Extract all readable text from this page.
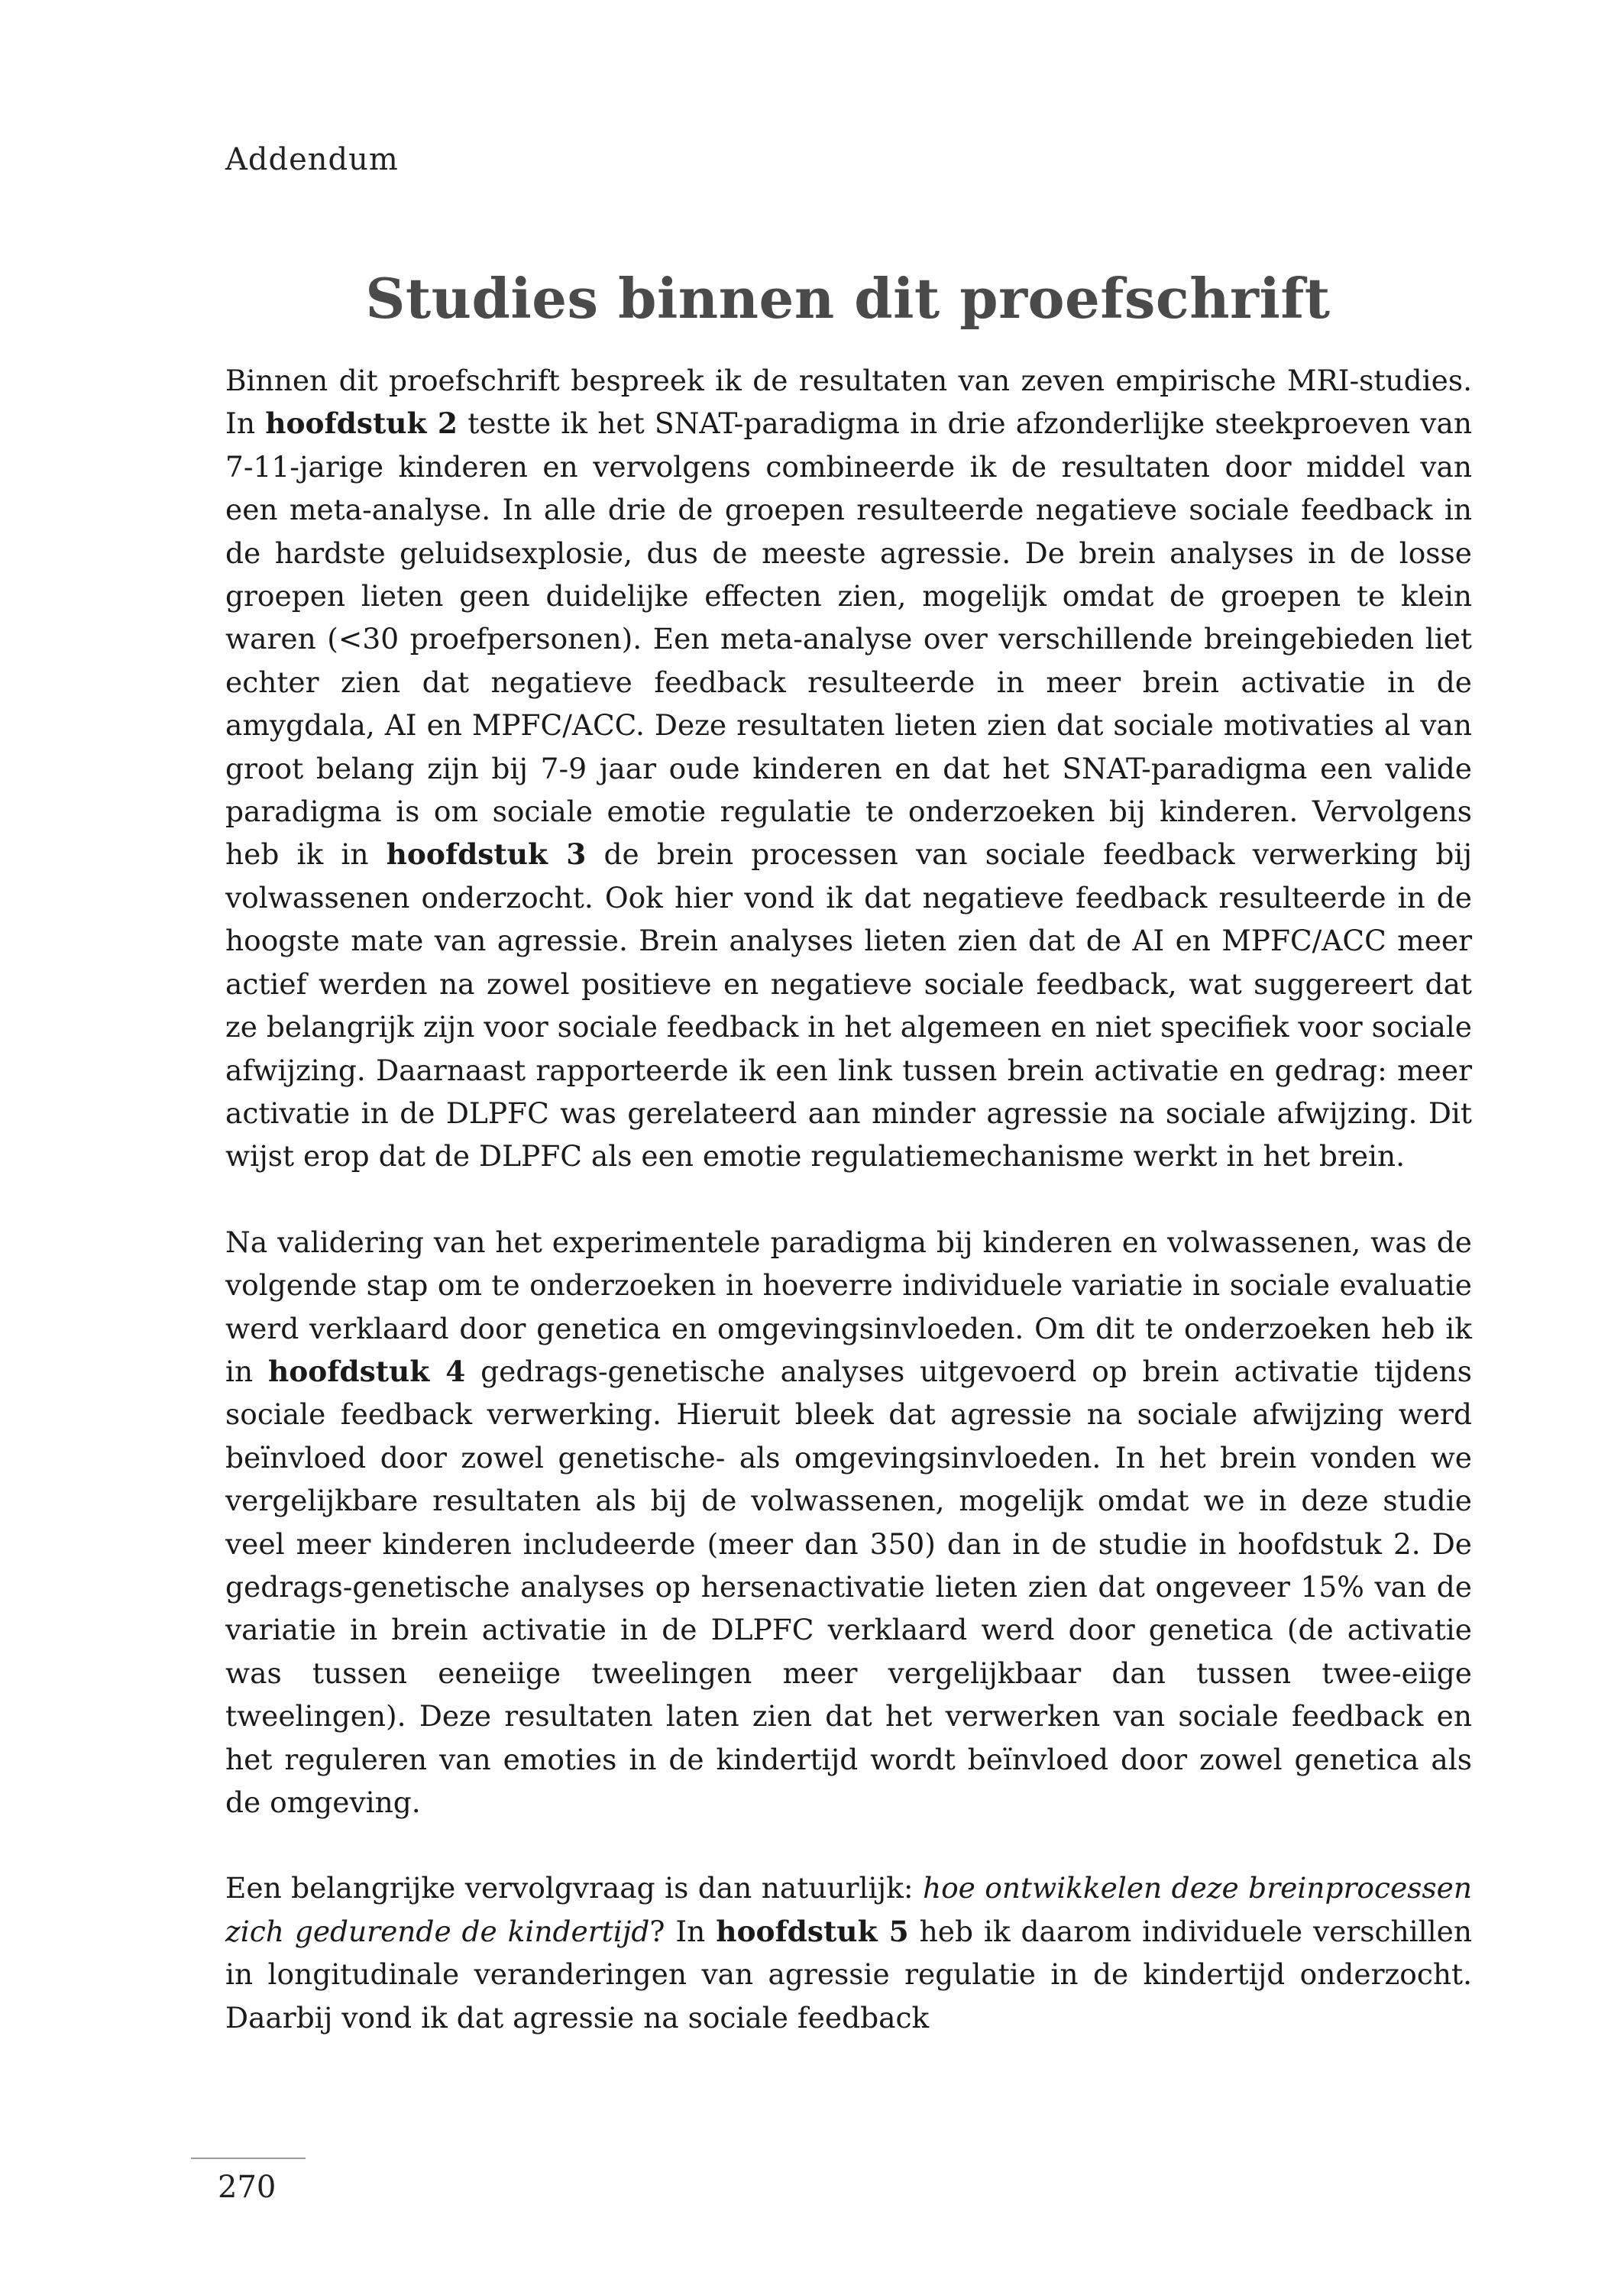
Addendum
Studies binnen dit proefschrift

Binnen dit proefschrift bespreek ik de resultaten van zeven empirische MRI-studies. In hoofdstuk 2 testte ik het SNAT-paradigma in drie afzonderlijke steekproeven van 7-11-jarige kinderen en vervolgens combineerde ik de resultaten door middel van een meta-analyse. In alle drie de groepen resulteerde negatieve sociale feedback in de hardste geluidsexplosie, dus de meeste agressie. De brein analyses in de losse groepen lieten geen duidelijke effecten zien, mogelijk omdat de groepen te klein waren (<30 proefpersonen). Een meta-analyse over verschillende breingebieden liet echter zien dat negatieve feedback resulteerde in meer brein activatie in de amygdala, AI en MPFC/ACC. Deze resultaten lieten zien dat sociale motivaties al van groot belang zijn bij 7-9 jaar oude kinderen en dat het SNAT-paradigma een valide paradigma is om sociale emotie regulatie te onderzoeken bij kinderen. Vervolgens heb ik in hoofdstuk 3 de brein processen van sociale feedback verwerking bij volwassenen onderzocht. Ook hier vond ik dat negatieve feedback resulteerde in de hoogste mate van agressie. Brein analyses lieten zien dat de AI en MPFC/ACC meer actief werden na zowel positieve en negatieve sociale feedback, wat suggereert dat ze belangrijk zijn voor sociale feedback in het algemeen en niet specifiek voor sociale afwijzing. Daarnaast rapporteerde ik een link tussen brein activatie en gedrag: meer activatie in de DLPFC was gerelateerd aan minder agressie na sociale afwijzing. Dit wijst erop dat de DLPFC als een emotie regulatiemechanisme werkt in het brein.

Na validering van het experimentele paradigma bij kinderen en volwassenen, was de volgende stap om te onderzoeken in hoeverre individuele variatie in sociale evaluatie werd verklaard door genetica en omgevingsinvloeden. Om dit te onderzoeken heb ik in hoofdstuk 4 gedrags-genetische analyses uitgevoerd op brein activatie tijdens sociale feedback verwerking. Hieruit bleek dat agressie na sociale afwijzing werd beïnvloed door zowel genetische- als omgevingsinvloeden. In het brein vonden we vergelijkbare resultaten als bij de volwassenen, mogelijk omdat we in deze studie veel meer kinderen includeerde (meer dan 350) dan in de studie in hoofdstuk 2. De gedrags-genetische analyses op hersenactivatie lieten zien dat ongeveer 15% van de variatie in brein activatie in de DLPFC verklaard werd door genetica (de activatie was tussen eeneiige tweelingen meer vergelijkbaar dan tussen twee-eiige tweelingen). Deze resultaten laten zien dat het verwerken van sociale feedback en het reguleren van emoties in de kindertijd wordt beïnvloed door zowel genetica als de omgeving.

Een belangrijke vervolgvraag is dan natuurlijk: hoe ontwikkelen deze breinprocessen zich gedurende de kindertijd? In hoofdstuk 5 heb ik daarom individuele verschillen in longitudinale veranderingen van agressie regulatie in de kindertijd onderzocht. Daarbij vond ik dat agressie na sociale feedback

270
